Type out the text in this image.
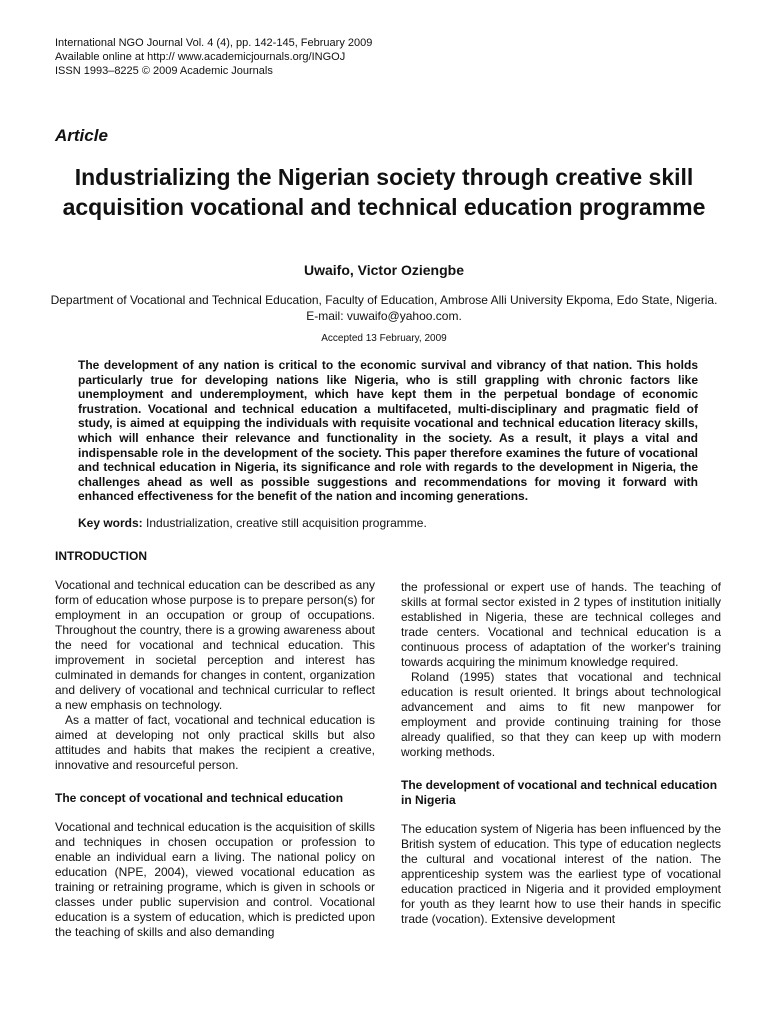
International NGO Journal Vol. 4 (4), pp. 142-145, February 2009
Available online at http:// www.academicjournals.org/INGOJ
ISSN 1993–8225 © 2009 Academic Journals
Article
Industrializing the Nigerian society through creative skill acquisition vocational and technical education programme
Uwaifo, Victor Oziengbe
Department of Vocational and Technical Education, Faculty of Education, Ambrose Alli University Ekpoma, Edo State, Nigeria. E-mail: vuwaifo@yahoo.com.
Accepted 13 February, 2009

The development of any nation is critical to the economic survival and vibrancy of that nation. This holds particularly true for developing nations like Nigeria, who is still grappling with chronic factors like unemployment and underemployment, which have kept them in the perpetual bondage of economic frustration. Vocational and technical education a multifaceted, multi-disciplinary and pragmatic field of study, is aimed at equipping the individuals with requisite vocational and technical education literacy skills, which will enhance their relevance and functionality in the society. As a result, it plays a vital and indispensable role in the development of the society. This paper therefore examines the future of vocational and technical education in Nigeria, its significance and role with regards to the development in Nigeria, the challenges ahead as well as possible suggestions and recommendations for moving it forward with enhanced effectiveness for the benefit of the nation and incoming generations.

Key words: Industrialization, creative still acquisition programme.
INTRODUCTION

Vocational and technical education can be described as any form of education whose purpose is to prepare person(s) for employment in an occupation or group of occupations. Throughout the country, there is a growing awareness about the need for vocational and technical education. This improvement in societal perception and interest has culminated in demands for changes in content, organization and delivery of vocational and technical curricular to reflect a new emphasis on technology.

As a matter of fact, vocational and technical education is aimed at developing not only practical skills but also attitudes and habits that makes the recipient a creative, innovative and resourceful person.

The concept of vocational and technical education

Vocational and technical education is the acquisition of skills and techniques in chosen occupation or profession to enable an individual earn a living. The national policy on education (NPE, 2004), viewed vocational education as training or retraining programe, which is given in schools or classes under public supervision and control. Vocational education is a system of education, which is predicted upon the teaching of skills and also demanding

the professional or expert use of hands. The teaching of skills at formal sector existed in 2 types of institution initially established in Nigeria, these are technical colleges and trade centers. Vocational and technical education is a continuous process of adaptation of the worker's training towards acquiring the minimum knowledge required.

Roland (1995) states that vocational and technical education is result oriented. It brings about technological advancement and aims to fit new manpower for employment and provide continuing training for those already qualified, so that they can keep up with modern working methods.

The development of vocational and technical education in Nigeria

The education system of Nigeria has been influenced by the British system of education. This type of education neglects the cultural and vocational interest of the nation. The apprenticeship system was the earliest type of vocational education practiced in Nigeria and it provided employment for youth as they learnt how to use their hands in specific trade (vocation). Extensive development
